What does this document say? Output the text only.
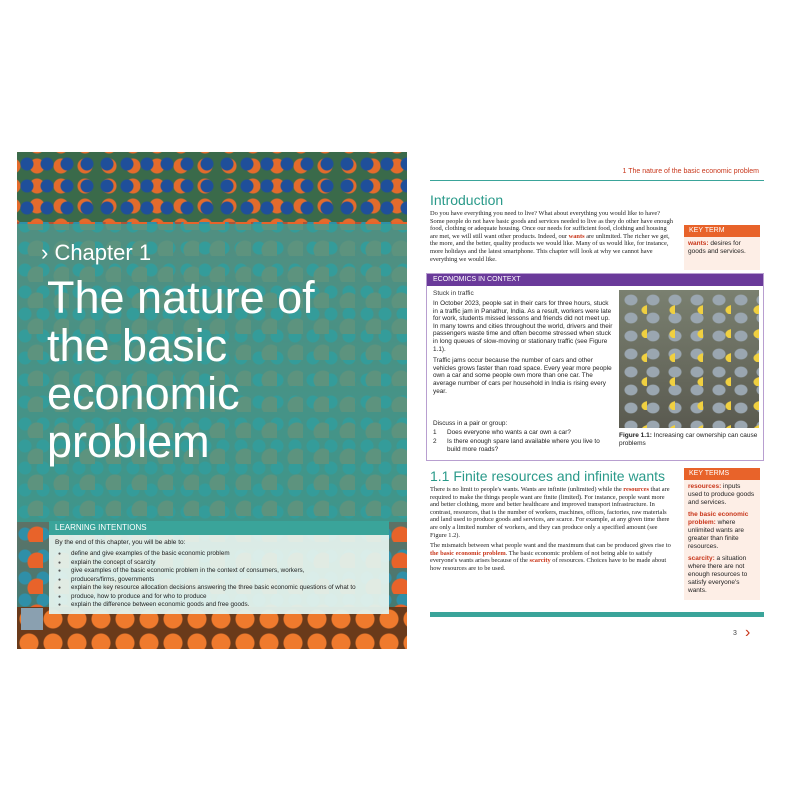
› Chapter 1
The nature of the basic economic problem
LEARNING INTENTIONS
By the end of this chapter, you will be able to:
● define and give examples of the basic economic problem
● explain the concept of scarcity
● give examples of the basic economic problem in the context of consumers, workers,
● producers/firms, governments
● explain the key resource allocation decisions answering the three basic economic questions of what to
● produce, how to produce and for who to produce
● explain the difference between economic goods and free goods.
1 The nature of the basic economic problem
Introduction
Do you have everything you need to live? What about everything you would like to have? Some people do not have basic goods and services needed to live as they do other have enough food, clothing or adequate housing. Once our needs for sufficient food, clothing and housing are met, we will still want other products. Indeed, our wants are unlimited. The richer we get, the more, and the better, quality products we would like. Many of us would like, for instance, more holidays and the latest smartphone. This chapter will look at why we cannot have everything we would like.
KEY TERM
wants: desires for goods and services.
ECONOMICS IN CONTEXT
Stuck in traffic

In October 2023, people sat in their cars for three hours, stuck in a traffic jam in Panathur, India. As a result, workers were late for work, students missed lessons and friends did not meet up. In many towns and cities throughout the world, drivers and their passengers waste time and often become stressed when stuck in long queues of slow-moving or stationary traffic (see Figure 1.1).

Traffic jams occur because the number of cars and other vehicles grows faster than road space. Every year more people own a car and some people own more than one car. The average number of cars per household in India is rising every year.

Discuss in a pair or group:
1 Does everyone who wants a car own a car?
2 Is there enough spare land available where you live to build more roads?
Figure 1.1: Increasing car ownership can cause problems
1.1 Finite resources and infinite wants

There is no limit to people's wants. Wants are infinite (unlimited) while the resources that are required to make the things people want are finite (limited). For instance, people want more and better clothing, more and better healthcare and improved transport infrastructure. In contrast, resources, that is the number of workers, machines, offices, factories, raw materials and land used to produce goods and services, are scarce. For example, at any given time there are only a limited number of workers, and they can produce only a specified amount (see Figure 1.2).

The mismatch between what people want and the maximum that can be produced gives rise to the basic economic problem. The basic economic problem of not being able to satisfy everyone's wants arises because of the scarcity of resources. Choices have to be made about how resources are to be used.

KEY TERMS

resources: inputs used to produce goods and services.

the basic economic problem: where unlimited wants are greater than finite resources.

scarcity: a situation where there are not enough resources to satisfy everyone's wants.

3 ›
